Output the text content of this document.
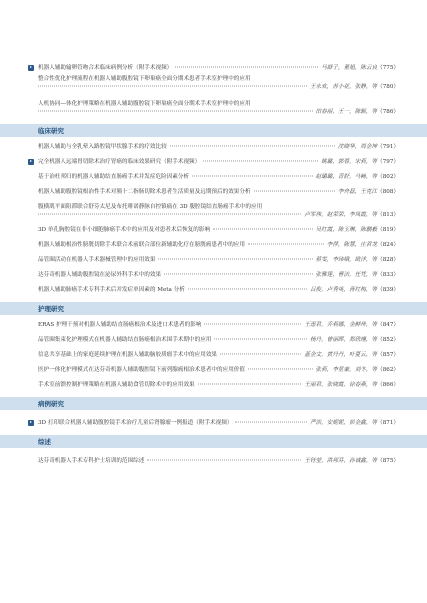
机器人辅助输卵管吻合术临床病例分析（附手术视频）	马群子，董旭，陈云良（775）
整合性优化护理流程在机器人辅助腹腔镜下卵巢癌全面分期术患者手术室护理中的应用
王永欢，苏小花，张静，等 （ 780 ）
人机协同—体化护理策略在机器人辅助腹腔镜下卵巢癌全面分期术手术室护理中的应用
田春丽，王一，陈颖，等 （ 786 ）
临床研究
机器人辅助与全乳晕入路腔镜甲状腺手术的疗效比较	沈晓华，周金坤（791）
完全机器人远端胃切除术治疗胃癌的临床效果研究（附手术视频）	姚璐，郭蓉，宋莉，等（797）
基于治杜邦归的机器人辅助结直肠癌手术并发症危险因素分析	赵璐璐，青舒，马畅，等（802）
机器人辅助腹腔镜根治性手术对胰十二指肠切除术患者生活质量及远期预后的效果分析	李舟磊，王克江（808）
腹横肌平面阻滞联合舒芬太尼及布托啡诺静脉自控镇痛在 3D 腹腔镜结直肠癌手术中的应用
卢军伟，赵荣荣，李凤霞，等 （ 813 ）
3D 单孔胸腔镜在非小细胞肺癌手术中的应用及对患者术后恢复的影响	吴红霞，陈玉琳，陈鹏毅（819）
机器人辅助根治性膀胱切除手术联合术前联合部位新辅助化疗在膀胱癌患者中的应用	李萍，陈慧，庄君龙（824）
品管圈活动在机器人手术器械管理中的应用效果	蔡雯，李玮娥，欧洋，等（828）
达芬奇机器人辅助腹腔镜在泌尿外科手术中的效果	张雅莲，曹洁，任凭，等（833）
机器人辅助肺癌手术专科手术后并发症单因素的 Meta 分析	吕俊，卢秀英，蒋红梅，等（839）
护理研究
ERAS 护理干预对机器人辅助结直肠癌根治术及进口术患者的影响	王惠君，乔莉娜，金鲜珍，等（847）
品管圈集束化护理模式在机器人辅助结直肠癌根治术围手术期中的应用	杨丹，曾丽晖，郑欣瑾，等（852）
信息共享基础上的家庭延续护理在机器人辅助脑胶质瘤手术中的应用效果	蓝金文，黄丹丹，叶夏云，等（857）
医护一体化护理模式在达芬奇机器人辅助腹腔镜下前列腺癌根治术患者中的应用价值	张莉，李星豪，刘冬，等（862）
手术室前馈控制护理策略在机器人辅助食管切除术中的应用效果	王丽君，张晓霞，徐春燕，等（866）
病例研究
3D 打印联合机器人辅助腹腔镜手术治疗儿童后肾腺瘤一例报道（附手术视频）	严浩，安妮妮，彭金鑫，等（871）
综述
达芬奇机器人手术专科护士培训的范围综述	王钰莹，洪邦芬，孙诚鑫，等（875）
